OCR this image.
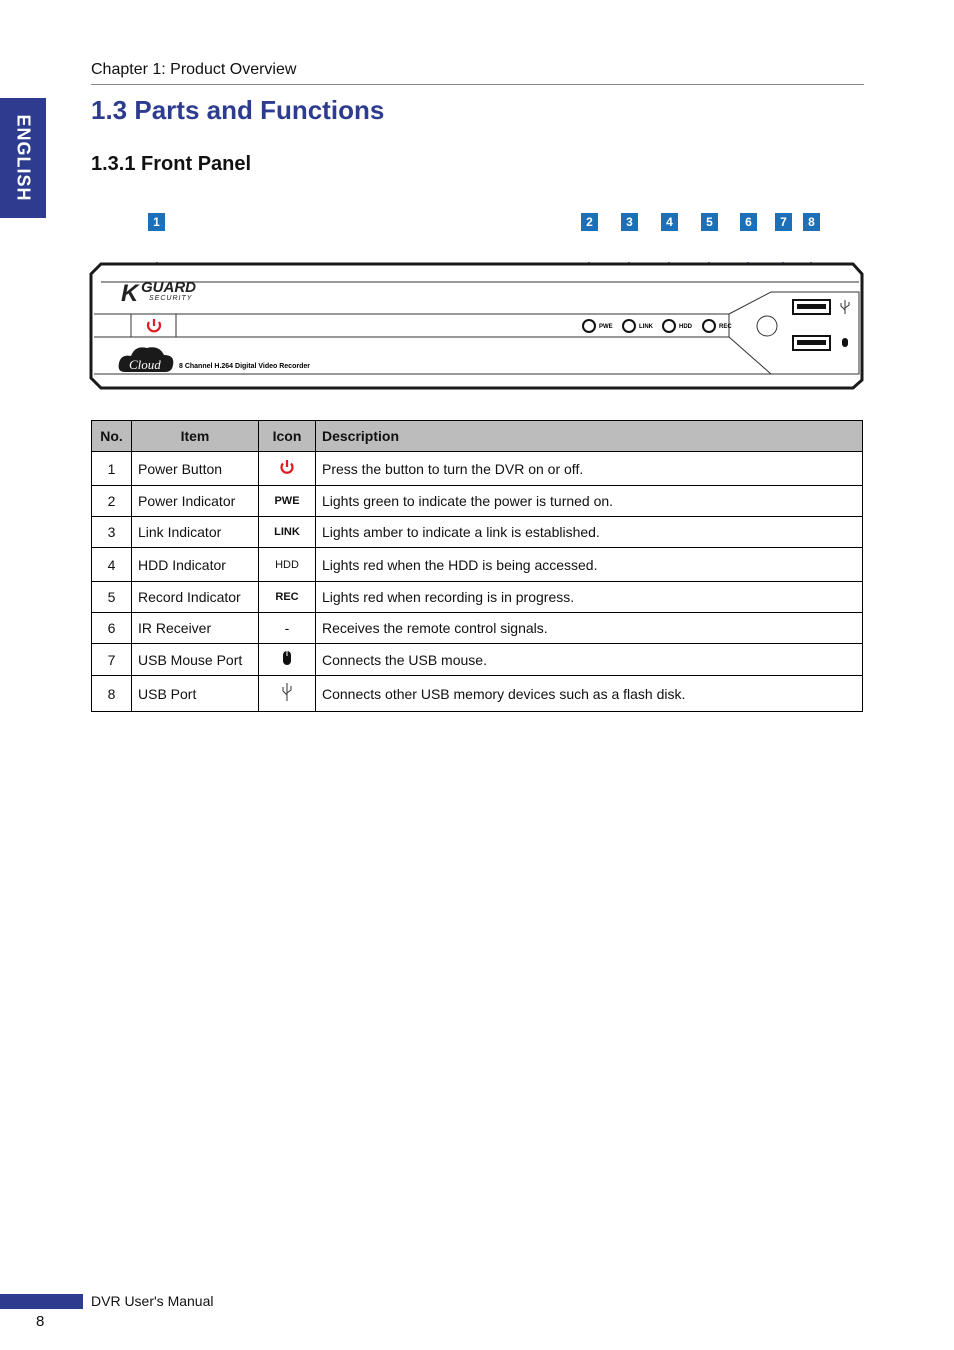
ENGLISH
Chapter 1: Product Overview
1.3 Parts and Functions
1.3.1 Front Panel
1	2	3	4	5	6	7	8
K GUARD
SECURITY
PWE	LINK	HDD	REC
Cloud	8 Channel H.264 Digital Video Recorder
No.	Item	Icon	Description
1	Power Button		Press the button to turn the DVR on or off.
2	Power Indicator	PWE	Lights green to indicate the power is turned on.
3	Link Indicator	LINK	Lights amber to indicate a link is established.
4	HDD Indicator	HDD	Lights red when the HDD is being accessed.
5	Record Indicator	REC	Lights red when recording is in progress.
6	IR Receiver	-	Receives the remote control signals.
7	USB Mouse Port		Connects the USB mouse.
8	USB Port		Connects other USB memory devices such as a flash disk.
DVR User's Manual
8
